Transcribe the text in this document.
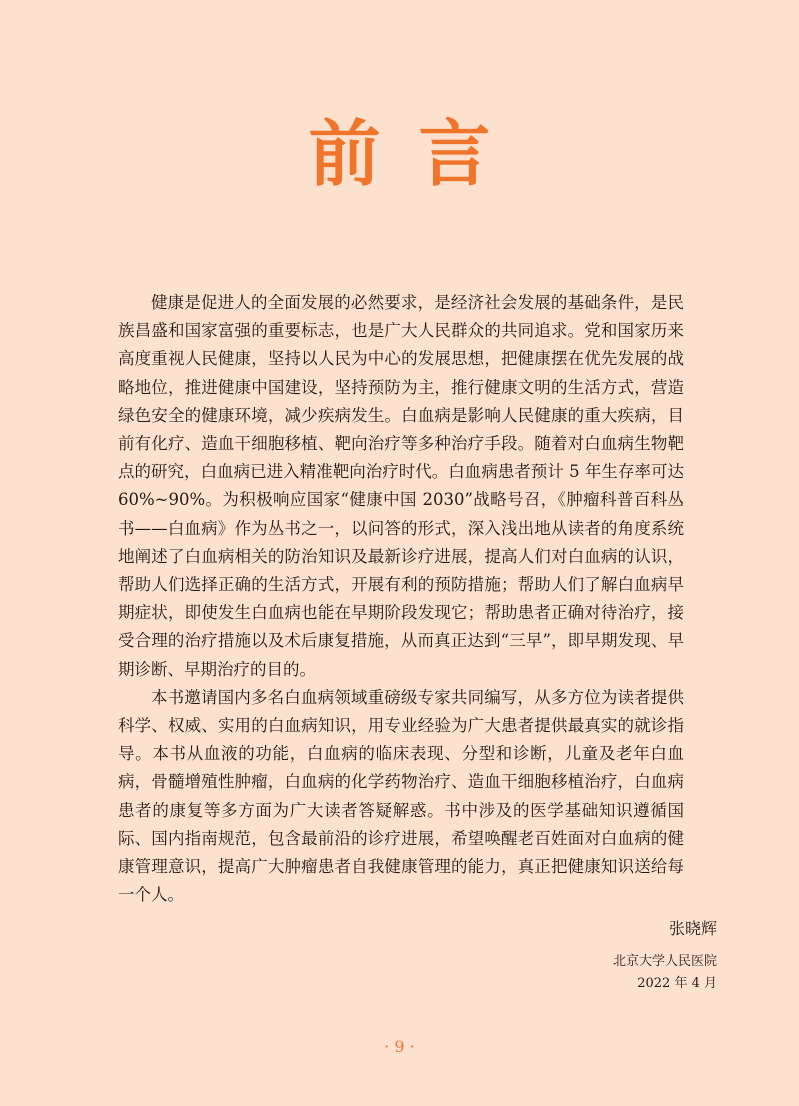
前言

健康是促进人的全面发展的必然要求，是经济社会发展的基础条件，是民族昌盛和国家富强的重要标志，也是广大人民群众的共同追求。党和国家历来高度重视人民健康，坚持以人民为中心的发展思想，把健康摆在优先发展的战略地位，推进健康中国建设，坚持预防为主，推行健康文明的生活方式，营造绿色安全的健康环境，减少疾病发生。白血病是影响人民健康的重大疾病，目前有化疗、造血干细胞移植、靶向治疗等多种治疗手段。随着对白血病生物靶点的研究，白血病已进入精准靶向治疗时代。白血病患者预计 5 年生存率可达 60%~90%。为积极响应国家“健康中国 2030”战略号召，《肿瘤科普百科丛书——白血病》作为丛书之一，以问答的形式，深入浅出地从读者的角度系统地阐述了白血病相关的防治知识及最新诊疗进展，提高人们对白血病的认识，帮助人们选择正确的生活方式，开展有利的预防措施；帮助人们了解白血病早期症状，即使发生白血病也能在早期阶段发现它；帮助患者正确对待治疗，接受合理的治疗措施以及术后康复措施，从而真正达到“三早”，即早期发现、早期诊断、早期治疗的目的。

本书邀请国内多名白血病领域重磅级专家共同编写，从多方位为读者提供科学、权威、实用的白血病知识，用专业经验为广大患者提供最真实的就诊指导。本书从血液的功能，白血病的临床表现、分型和诊断，儿童及老年白血病，骨髓增殖性肿瘤，白血病的化学药物治疗、造血干细胞移植治疗，白血病患者的康复等多方面为广大读者答疑解惑。书中涉及的医学基础知识遵循国际、国内指南规范，包含最前沿的诊疗进展，希望唤醒老百姓面对白血病的健康管理意识，提高广大肿瘤患者自我健康管理的能力，真正把健康知识送给每一个人。

张晓辉
北京大学人民医院
2022 年 4 月
· 9 ·
